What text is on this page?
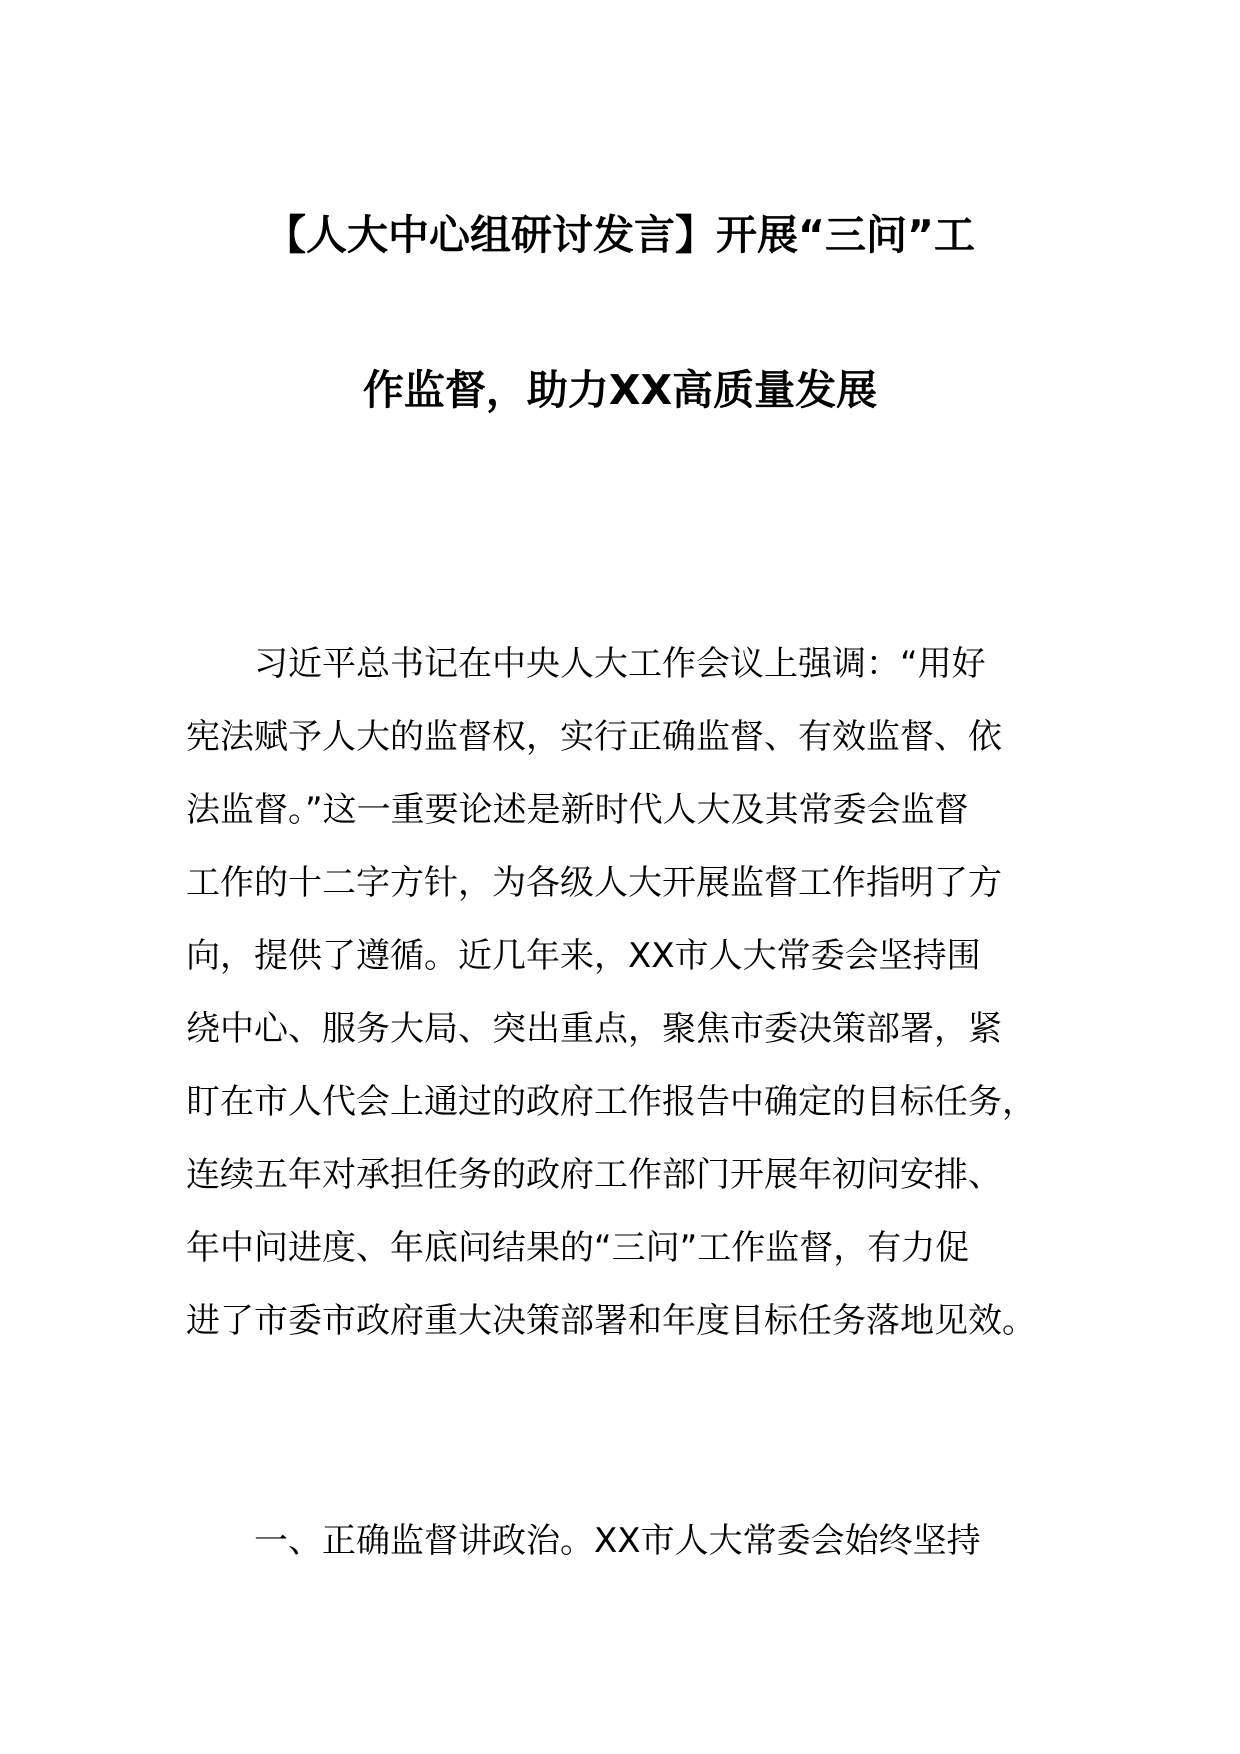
【人大中心组研讨发言】开展“三问”工
作监督，助力XX高质量发展
　　习近平总书记在中央人大工作会议上强调：“用好
宪法赋予人大的监督权，实行正确监督、有效监督、依
法监督。”这一重要论述是新时代人大及其常委会监督
工作的十二字方针，为各级人大开展监督工作指明了方
向，提供了遵循。近几年来，XX市人大常委会坚持围
绕中心、服务大局、突出重点，聚焦市委决策部署，紧
盯在市人代会上通过的政府工作报告中确定的目标任务，
连续五年对承担任务的政府工作部门开展年初问安排、
年中问进度、年底问结果的“三问”工作监督，有力促
进了市委市政府重大决策部署和年度目标任务落地见效。
　　一、正确监督讲政治。XX市人大常委会始终坚持
